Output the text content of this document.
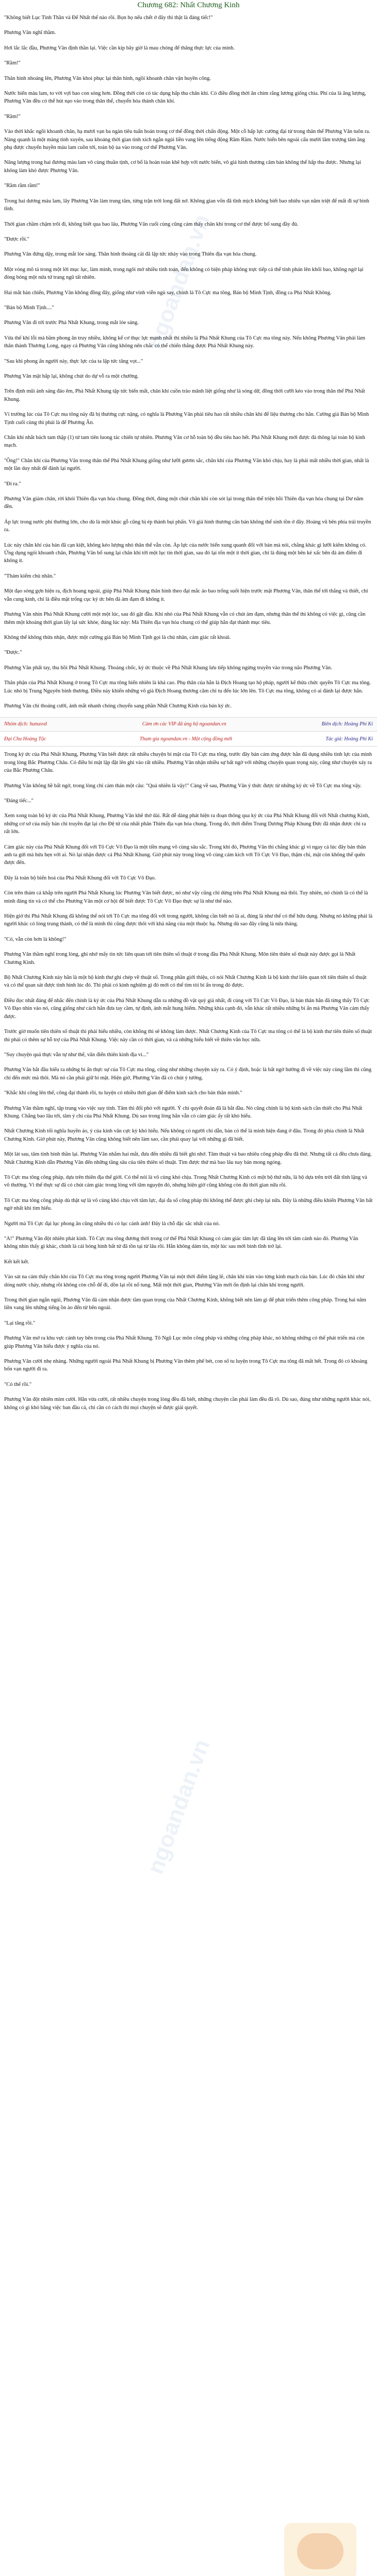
ngoandan.vn
ngoandan.vn
Chương 682: Nhất Chương Kinh

"Không biết Lục Tinh Thần và Đế Nhất thế nào rồi. Bọn họ nếu chết ở đây thì thật là đáng tiếc!"

Phương Vân nghĩ thầm.

Hơi lắc lắc đầu, Phương Vân định thần lại. Việc cần kíp bây giờ là mau chóng để thăng thực lực của mình.

"Rầm!"

Thân hình nhoáng lên, Phương Vân khoi phục lại thân hình, ngồi khoanh chân vận huyền công.

Nước biển màu lam, to vời vợi bao con sóng hơn. Đồng thời còn có tác dụng hấp thu chân khí. Có điều đồng thời ăn chim rắng lương giống chìa. Phí của là ăng lượng, Phương Vân đều có thể hút nạo vào trong thân thể, chuyển hóa thành chân khí.

"Rầm!"

Vào thời khắc ngồi khoanh chân, hạ mươi vạn ba ngàn tiêu tuấn hoán trong cơ thể đồng thời chấn động. Một cỗ hấp lực cường đại từ trong thân thể Phương Vân tuôn ra. Nàng quanh là một màng tinh xuyên, sau khoảng thời gian tinh xích ngắn ngủi liền vang lên tiếng động Rầm Rầm. Nước biển bên ngoài cấu mười lăm trượng tâm ầng phụ được chuyển huyền màu lam cuồn tới, toàn bộ ùa vào trong cơ thể Phương Vân.

Năng lượng trong hai đương màu lam vô cùng thuần tịnh, cơ bổ là hoàn toàn khẽ hợp với nước biển, vô giá hình thương câm bản không thể hấp thu được. Nhưng lại không làm khó được Phương Vân.

"Rầm rầm rầm!"

Trong hai dương màu lam, lây Phương Vân làm trung tâm, từng trận trời long đất nở. Không gian vốn đã tĩnh mịch không biết bao nhiêu vạn năm triệt để mất đi sự bình tĩnh.

Thời gian chầm chậm trôi đi, không biết qua bao lâu, Phương Vân cuối cùng cũng cảm thấy chân khí trong cơ thể được bổ sung đầy đủ.

"Được rồi."

Phương Vân đứng dậy, trong mắt lóe sáng. Thân hình thoáng cái đã lập tức nhảy vào trong Thiên địa vạn hóa chung.

Một vòng mô tả trong một lời mục lục, làm mình, trong ngôi mở nhiều tính toán, đến không có biện pháp không trực tiếp cả thể tính phán lên khối bao, không ngờ lại đòng bóng một nửa tử trang ngũ tất nhiên.

Hai mắt hàn chiến, Phương Vân không đồng đây, giống như vinh viễn ngủ say, chính là Tô Cực ma tông, Bán bộ Minh Tịnh, đồng ca Phá Nhất Không.

"Bán bộ Minh Tịnh...."

Phương Vân đi tới trước Phá Nhất Khung, trong mắt lóe sáng.

Vừa thế khí lỗi mà bầm phong ăn truy nhiều, không kể cơ thục lực mạnh nhất thì nhiều là Phá Nhất Khung của Tô Cực ma tông này. Nếu không Phương Vân phải làm thân thành Thương Long, ngay cả Phương Vân cũng không nên chắc có thể chiến thắng được Phá Nhất Khung này.

"Sau khi phong ấn người này, thực lực của ta lập tức tăng vọt..."

Phương Vân mặt hắp lại, không chút do dự vỗ ra một chưởng.

Trên định mũi ánh sáng đảo êm, Phá Nhất Khung tập tức biến mất, chân khí cuồn trào mãnh liệt giống như là sóng dữ, đồng thời cưỡi kéo vào trong thân thể Phá Nhất Khung.

Vì trường lúc của Tô Cực ma tông này đã bị thương cực nặng, có nghĩa là Phương Vân phải tiêu hao rất nhiều chân khí để liệu thương cho hắn. Cường giả Bán bộ Minh Tịnh cuối cùng thì phải là để Phương Ân.

Chân khí nhắt bách tam thập (1) tử tam tiên luong tác chiến tự nhiên. Phương Vân cơ hỗ toàn bộ đều tiêu hao hết. Phá Nhất Khung mới được đả thông lại toàn bộ kinh mạch.

"Ông!" Chân khí của Phương Vân trong thân thể Phá Nhất Khung giống như lưỡi gươm sắc, chân khí của Phương Vân khó chịu, hay là phải mất nhiều thời gian, nhất là một lần duy nhất để đánh lại người.

"Đi ra."

Phương Vân giảm chân, rời khỏi Thiên địa vạn hóa chung. Đồng thời, đúng một chút chân khí còn sót lại trong thân thể triện hồi Thiên địa vạn hóa chung tại Dư năm đền.

Áp lực trong nước phí thường lớn, cho dù là một khúc gỗ cũng bị ép thành bụi phấn. Vô giá hình thương cân bản không thể sinh tồn ở đây. Hoàng vũ bên phía trái truyền ra.

Lúc này chân khí của bản đã cạn kiệt, không kéo lượng nhỏ thân thể vẫn còn. Áp lực của nước biển xung quanh đổi với bản mà nói, chẳng khác gì lưỡi kiếm không có. Ứng dụng ngỏi khoanh chân, Phương Vân bổ sung lại chân khí tới một lục tin thời gian, sau đó lại tốn một ít thời gian, chỉ là đúng một bên kẻ xấc bên đá ảm điểm đi không ít.

"Thám kiếm chủ nhân."

Một đạo sóng gợn hiện ra, địch hoang ngoài, giúp Phá Nhất Khung thân hình theo đại mắc ảo bao trống suốt hiện trước mặt Phương Vân, thân thể tới thắng và thiết, chỉ vẫn cung kính, chỉ là điều mặt trống cục ký ức bên đá ảm đạm đi không ít.

Phương Vân nhìn Phá Nhất Khung cười một một lúc, sau đó gật đầu. Khi nhỏ của Phá Nhất Khung vẫn có chút ảm đạm, nhưng thân thể thì không có việc gì, cũng cần thêm một khoảng thời gian lấy lại sức khỏe, đúng lúc này: Mà Thiên địa vạn hóa chung có thể giúp hắn đạt thành mục tiêu.

Không thể không thừa nhận, được một cường giả Bán bộ Minh Tịnh gọi là chủ nhân, cảm giác rất khoái.

"Được."

Phương Vân phất tay, thu hồi Phá Nhất Khung. Thoáng chốc, ký ức thuộc về Phá Nhất Khung lưu tiếp không ngừng truyền vào trong não Phương Vân.

Thân phận của Phá Nhất Khung ở trong Tô Cực ma tông hiển nhiên là khá cao. Phụ thân của hắn là Địch Hoang tạo hộ pháp, người kế thừa chức quyền Tô Cực ma tông. Lúc nhỏ bị Trung Nguyên bính thương. Điều này khiến những võ giả Địch Hoang thương căm chỉ tu đến lúc lớn lên. Tô Cực ma tông, không có ai đánh lại được hắn.

Phương Vân chỉ thoáng cười, ánh mắt nhanh chóng chuyển sang phần Nhất Chương Kinh của bản ký ức.

Nhóm dịch: hunusvd	Cảm ơn các VIP đã ủng hộ ngoandan.vn	Biên dịch: Hoàng Phi Ki
Đại Chu Hoàng Tộc	Tham gia ngoandan.vn - Một cộng đồng mới	Tác giả: Hoàng Phi Ki

Trong ký ức của Phá Nhất Khung, Phương Vân biết được rất nhiều chuyện bí mật của Tô Cực ma tông, trước đây bản cảm ứng được hắn đã dụng nhiều tinh lực của mình trong lòng Bắc Phương Châu. Có điều bí mật lập đặt lên ghi vào rất nhiều. Phương Vân nhận nhiều sự bất ngờ với những chuyện quan trọng này, cũng như chuyện xảy ra của Bắc Phương Châu.

Phương Vân không hề bất ngờ, trong lòng chỉ cảm thán một câu: "Quả nhiên là vậy!" Càng về sau, Phương Vân ý thức được từ những ký ức về Tô Cực ma tông vậy.

"Đáng tiếc..."

Xem xong toàn bộ ký ức của Phá Nhất Khung, Phương Vân khẽ thở dài. Rất dễ dàng phát hiện ra đoạn thông qua ký ức của Phá Nhất Khung đối với Nhất chương Kinh, những cơ sở của mấy bản chỉ truyền đạt lại cho Đệ tử của nhất phân Thiên địa vạn hóa chung. Trong đó, thời điểm Trung Dương Pháp Khung Đức đã nhận được chỉ ra rất lớn.

Cảm giác này của Phá Nhất Khung đối với Tô Cực Vô Đạo là một tiền mạng vô cùng sâu sắc. Trong khi đó, Phương Vân thì chẳng khác gì vì ngay cả lúc đây bản thân anh ta gửi mà hứa hẹn với ai. Nó lại nhận được cả Phá Nhất Khung. Giờ phút này trong lòng vô cùng cảm kích với Tô Cực Vô Đạo, thậm chí, mặt còn không thể quên được đến.

Đây là toàn bộ biến hoá của Phá Nhất Khung đối với Tô Cực Vô Đạo.

Còn trên thảm cả khắp trên người Phá Nhất Khung lúc Phương Vân biết được, nó như vậy cũng chỉ dừng trên Phá Nhất Khung mà thôi. Tuy nhiên, nó chính là có thể là mình đáng tin và có thể cho Phương Vân một cơ hội để biết được Tô Cực Vô Đạo thực sự là như thế nào.

Hiện giờ thì Phá Nhất Khung đã không thể nói tới Tô Cực ma tông đối với trong người, không cần biết nó là ai, đúng là như thế có thể hữu dụng. Nhưng nó không phải là người khác có lòng trung thành, có thể là mình thì cũng được thôi với khả năng của một thuộc hạ. Nhưng dù sao đây cũng là nửa tháng.

"Có, vẫn còn hơn là không!"

Phương Vân thầm nghĩ trong lòng, ghi nhớ mấy tin tức liên quan tới tiên thiên số thuật ở trong đầu Phá Nhất Khung. Môn tiên thiên số thuật này được gọi là Nhất Chương Kinh.

Bộ Nhất Chương Kinh này hẳn là một bộ kinh thư ghi chép về thuật số. Trong phần giới thiệu, có nói Nhất Chương Kinh là bộ kinh thư liên quan tới tiên thiên số thuật và có thể quan sát được tình hình lúc đó. Thì phải có kinh nghiệm gì đó mới có thể tìm tòi bí ẩn trong đó được.

Điều đọc nhất đáng để nhắc đến chính là ký ức của Phá Nhất Khung dẫn ra những đồ vật quý giá nhất, đi cùng với Tô Cực Vô Đạo, là bản thân hắn đã từng thấy Tô Cực Vô Đạo nhìn vào nó, cũng giống như cách hắn đưa tay cầm, tự định, ánh mắt hung hiểm. Những khía cạnh đó, vẫn khác rất nhiều những bí ẩn mà Phương Vân cảm thấy được.

Trước giờ muốn tiên thiên số thuật thì phải hiểu nhiều, còn không thì sẽ không làm được. Nhất Chương Kinh của Tô Cực ma tông có thể là bộ kinh thư tiên thiên số thuật thì phải có thêm sự hỗ trợ của Phá Nhất Khung. Việc này cần có thời gian, và cả những hiểu biết về thiên văn học nữa.

"Suy chuyện quả thực vẫn tự như thế, văn điển thiên kinh địa vì..."

Phương Vân bắt đầu hiểu ra những bí ẩn thực sự của Tô Cực ma tông, cũng như những chuyện xảy ra. Có ý định, hoặc là bất ngờ hướng đi về việc này cùng lắm thì cũng chỉ đến mức mà thôi. Mà nó cần phải giữ bí mật. Hiện giờ, Phương Vân đã có chút ý tưởng.

"Khắc khi công lên thế, công đại thành rồi, tu luyện có nhiều thời gian để điểm kinh sách cho bản thân mình."

Phương Vân thầm nghĩ, tập trung vào việc suy tính. Tâm thì đối phó với người. Ý chí quyết đoán đã là bắt đầu. Nó cũng chính là bộ kinh sách cần thiết cho Phá Nhất Khung. Chẳng bao lâu tới, tâm ý chí của Phá Nhất Khung. Dù sao trong lòng hắn vẫn có cảm giác ấy rất khó hiểu.

Nhất Chương Kinh tối nghĩa huyền áo, ý của kinh văn cực kỳ khó hiểu. Nếu không có người chỉ dẫn, bản có thể là mình hiện đang ở đâu. Trong đó phía chính là Nhất Chương Kinh. Giờ phút này, Phương Vân cũng không biết nên làm sao, cần phải quay lại với những gì đã biết.

Một lát sau, tâm tính bình thần lại. Phương Vân nhắm hai mắt, đưa đến nhiều đã biết ghi nhớ. Tâm thuật và bao nhiêu công pháp đều đã thử. Nhưng tất cả đều chưa đáng. Nhất Chương Kinh dẫn Phương Vân đến những tầng sâu của tiên thiên số thuật. Tìm được thứ mà bao lâu nay bản mong ngóng.

Tô Cực ma tông công pháp, dựa trên thiên địa thế giới. Có thể nói là vô cùng khó chịu. Trong Nhất Chương Kinh có một bộ thứ nữa, là bộ dựa trên trời đất tĩnh lặng và vô thường. Vì thế thực sự đã có chút cảm giác trong lòng với tâm nguyện đó, nhưng hiện giờ cũng không còn đủ thời gian nữa rồi.

Tô Cực ma tông công pháp dù thật sự là vô cùng khó chịu với tâm lực, đại đa số công pháp thì không thể được ghi chép lại nữa. Đây là những điều khiến Phương Vân bất ngờ nhất khi tìm hiểu.

Người mà Tô Cực đại lục phong ăn cũng nhiều thì có lục cảnh ảnh! Đây là chỗ đặc sắc nhất của nó.

"A!" Phương Vân đột nhiên phát kinh. Tô Cực ma tông đương thời trong cơ thể Phá Nhất Khung có cảm giác tâm lực đã tăng lên tới tâm cảnh nào đó. Phương Vân không nhìn thấy gì khác, chính là cái bóng hình bất tử đã tồn tại từ lâu rồi. Hắn không dám tin, một lúc sau mới bình tĩnh trở lại.

Kết kết kết.

Vào sát na cảm thấy chân khí của Tô Cực ma tông trong người Phương Vân tại một thời điểm lặng lẽ, chân khí tràn vào từng kinh mạch của bản. Lúc đó chân khí như dòng nước chảy, nhưng rồi không còn chỗ để đi, dồn lại rồi nổ tung. Mất một thời gian, Phương Vân mới ổn định lại chân khí trong người.

Trong thời gian ngắn ngủi, Phương Vân đã cảm nhận được tầm quan trọng của Nhất Chương Kinh, không biết nên làm gì để phát triển thêm công pháp. Trong hai năm liền vang lên những tiếng ồn ào đến từ bên ngoài.

"Lại tăng rồi."

Phương Vân mở ra khu vực cánh tay bên trong của Phá Nhất Khung. Tô Ngũ Lục môn công pháp và những công pháp khác, nó không những có thể phát triển mà còn giúp Phương Vân hiểu được ý nghĩa của nó.

Phương Vân cười nhẹ nhàng. Những người ngoài Phá Nhất Khung bị Phương Vân thêm phế bét, con số tu luyện trong Tô Cực ma tông đã mất hết. Trong đó có khoảng bốn vạn người đi ra.

"Có thế rồi."

Phương Vân đột nhiên mỉm cười. Hắn vừa cười, rất nhiều chuyện trong lòng đều đã biết, những chuyện cần phải làm đều đã rõ. Dù sao, đúng như những người khác nói, không có gì khó bằng việc ban đầu cả, chỉ cần có cách thì mọi chuyện sẽ được giải quyết.
